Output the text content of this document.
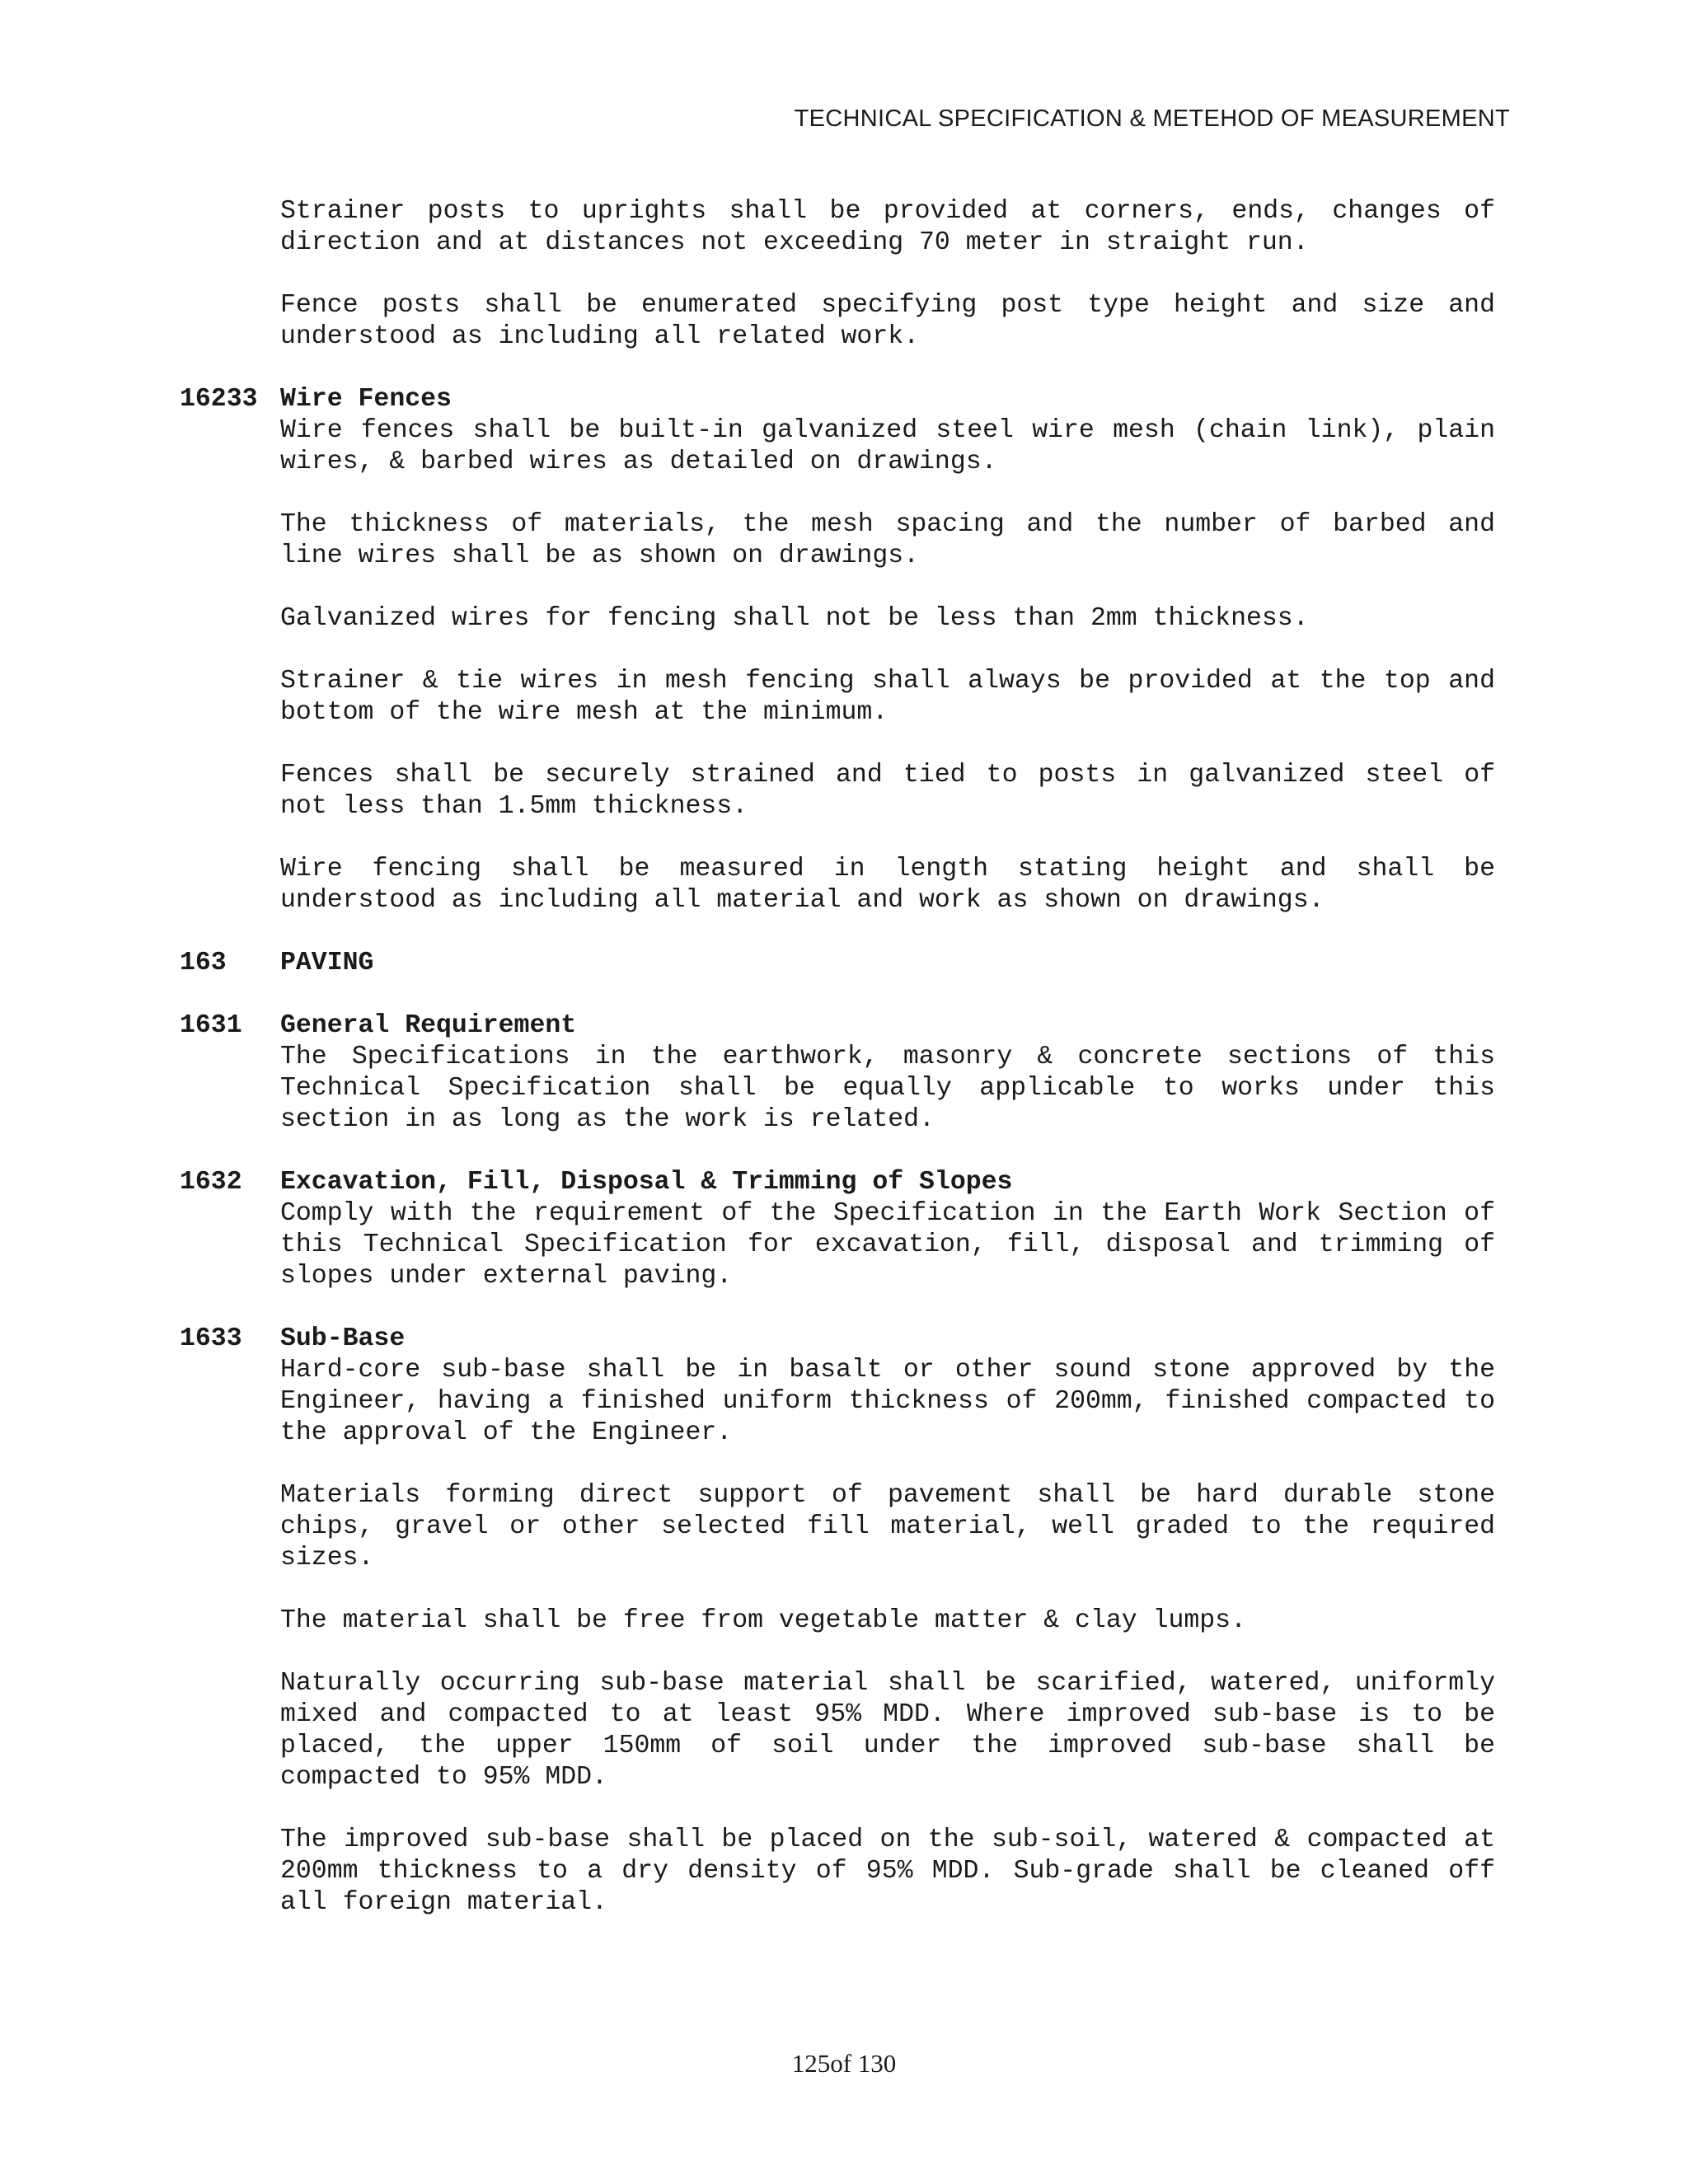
TECHNICAL SPECIFICATION & METEHOD OF MEASUREMENT
Strainer posts to uprights shall be provided at corners, ends, changes of direction and at distances not exceeding 70 meter in straight run.
Fence posts shall be enumerated specifying post type height and size and understood as including all related work.
16233 Wire Fences
Wire fences shall be built-in galvanized steel wire mesh (chain link), plain wires, & barbed wires as detailed on drawings.
The thickness of materials, the mesh spacing and the number of barbed and line wires shall be as shown on drawings.
Galvanized wires for fencing shall not be less than 2mm thickness.
Strainer & tie wires in mesh fencing shall always be provided at the top and bottom of the wire mesh at the minimum.
Fences shall be securely strained and tied to posts in galvanized steel of not less than 1.5mm thickness.
Wire fencing shall be measured in length stating height and shall be understood as including all material and work as shown on drawings.
163 PAVING
1631 General Requirement
The Specifications in the earthwork, masonry & concrete sections of this Technical Specification shall be equally applicable to works under this section in as long as the work is related.
1632 Excavation, Fill, Disposal & Trimming of Slopes
Comply with the requirement of the Specification in the Earth Work Section of this Technical Specification for excavation, fill, disposal and trimming of slopes under external paving.
1633 Sub-Base
Hard-core sub-base shall be in basalt or other sound stone approved by the Engineer, having a finished uniform thickness of 200mm, finished compacted to the approval of the Engineer.
Materials forming direct support of pavement shall be hard durable stone chips, gravel or other selected fill material, well graded to the required sizes.
The material shall be free from vegetable matter & clay lumps.
Naturally occurring sub-base material shall be scarified, watered, uniformly mixed and compacted to at least 95% MDD. Where improved sub-base is to be placed, the upper 150mm of soil under the improved sub-base shall be compacted to 95% MDD.
The improved sub-base shall be placed on the sub-soil, watered & compacted at 200mm thickness to a dry density of 95% MDD. Sub-grade shall be cleaned off all foreign material.
125of 130
